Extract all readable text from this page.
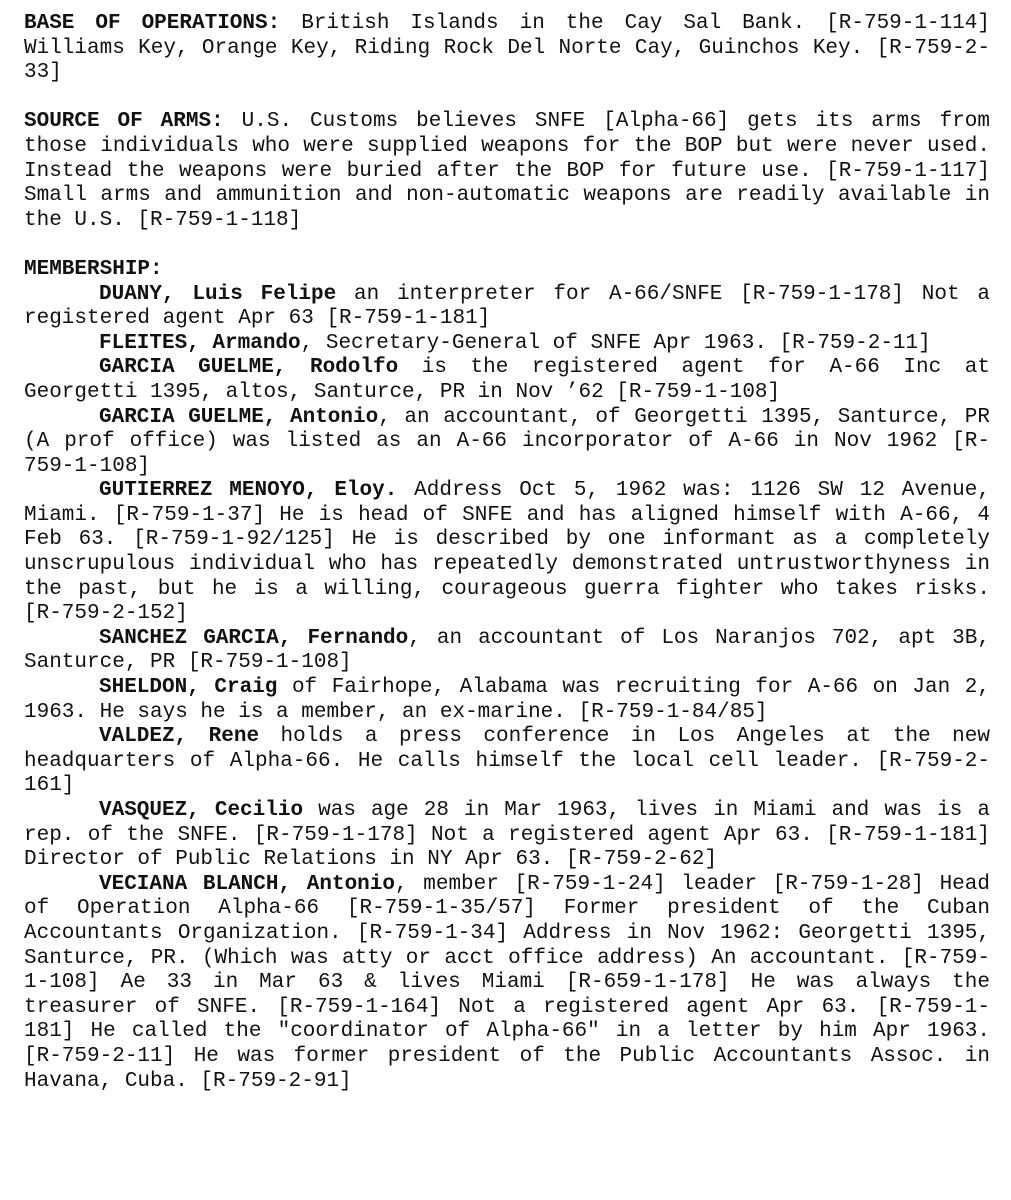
BASE OF OPERATIONS: British Islands in the Cay Sal Bank. [R-759-1-114] Williams Key, Orange Key, Riding Rock Del Norte Cay, Guinchos Key. [R-759-2-33]

SOURCE OF ARMS: U.S. Customs believes SNFE [Alpha-66] gets its arms from those individuals who were supplied weapons for the BOP but were never used. Instead the weapons were buried after the BOP for future use. [R-759-1-117] Small arms and ammunition and non-automatic weapons are readily available in the U.S. [R-759-1-118]

MEMBERSHIP:

DUANY, Luis Felipe an interpreter for A-66/SNFE [R-759-1-178] Not a registered agent Apr 63 [R-759-1-181]

FLEITES, Armando, Secretary-General of SNFE Apr 1963. [R-759-2-11]

GARCIA GUELME, Rodolfo is the registered agent for A-66 Inc at Georgetti 1395, altos, Santurce, PR in Nov ’62 [R-759-1-108]

GARCIA GUELME, Antonio, an accountant, of Georgetti 1395, Santurce, PR (A prof office) was listed as an A-66 incorporator of A-66 in Nov 1962 [R-759-1-108]

GUTIERREZ MENOYO, Eloy. Address Oct 5, 1962 was: 1126 SW 12 Avenue, Miami. [R-759-1-37] He is head of SNFE and has aligned himself with A-66, 4 Feb 63. [R-759-1-92/125] He is described by one informant as a completely unscrupulous individual who has repeatedly demonstrated untrustworthyness in the past, but he is a willing, courageous guerra fighter who takes risks. [R-759-2-152]

SANCHEZ GARCIA, Fernando, an accountant of Los Naranjos 702, apt 3B, Santurce, PR [R-759-1-108]

SHELDON, Craig of Fairhope, Alabama was recruiting for A-66 on Jan 2, 1963. He says he is a member, an ex-marine. [R-759-1-84/85]

VALDEZ, Rene holds a press conference in Los Angeles at the new headquarters of Alpha-66. He calls himself the local cell leader. [R-759-2-161]

VASQUEZ, Cecilio was age 28 in Mar 1963, lives in Miami and was is a rep. of the SNFE. [R-759-1-178] Not a registered agent Apr 63. [R-759-1-181] Director of Public Relations in NY Apr 63. [R-759-2-62]

VECIANA BLANCH, Antonio, member [R-759-1-24] leader [R-759-1-28] Head of Operation Alpha-66 [R-759-1-35/57] Former president of the Cuban Accountants Organization. [R-759-1-34] Address in Nov 1962: Georgetti 1395, Santurce, PR. (Which was atty or acct office address) An accountant. [R-759-1-108] Ae 33 in Mar 63 & lives Miami [R-659-1-178] He was always the treasurer of SNFE. [R-759-1-164] Not a registered agent Apr 63. [R-759-1-181] He called the "coordinator of Alpha-66" in a letter by him Apr 1963. [R-759-2-11] He was former president of the Public Accountants Assoc. in Havana, Cuba. [R-759-2-91]
